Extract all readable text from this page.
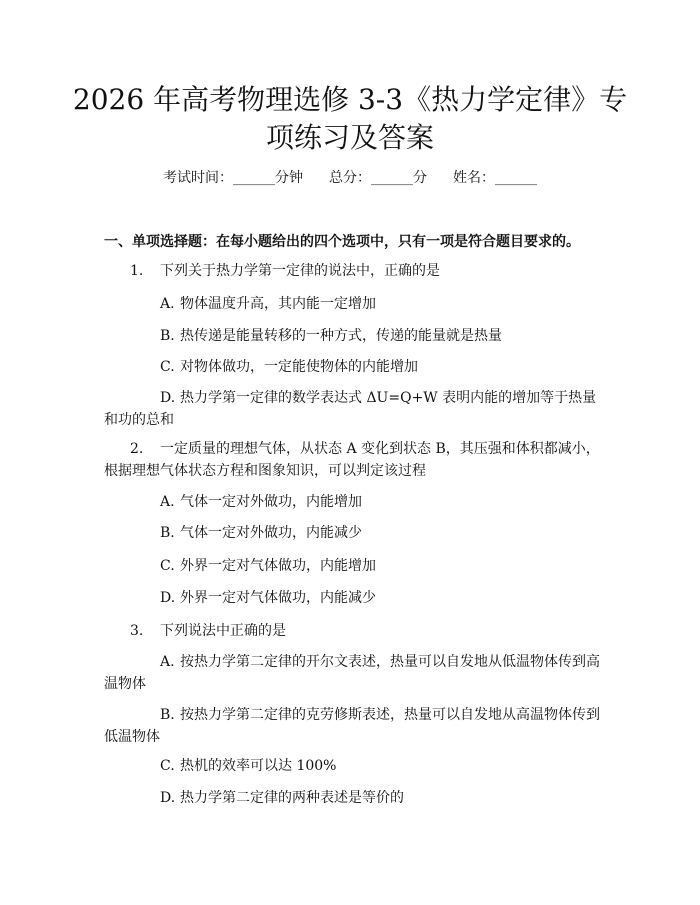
2026 年高考物理选修 3-3《热力学定律》专
项练习及答案
考试时间：______分钟 总分：______分 姓名：______
一、单项选择题：在每小题给出的四个选项中，只有一项是符合题目要求的。
1. 下列关于热力学第一定律的说法中，正确的是
A. 物体温度升高，其内能一定增加
B. 热传递是能量转移的一种方式，传递的能量就是热量
C. 对物体做功，一定能使物体的内能增加
D. 热力学第一定律的数学表达式 ΔU=Q+W 表明内能的增加等于热量和功的总和
2. 一定质量的理想气体，从状态 A 变化到状态 B，其压强和体积都减小，根据理想气体状态方程和图象知识，可以判定该过程
A. 气体一定对外做功，内能增加
B. 气体一定对外做功，内能减少
C. 外界一定对气体做功，内能增加
D. 外界一定对气体做功，内能减少
3. 下列说法中正确的是
A. 按热力学第二定律的开尔文表述，热量可以自发地从低温物体传到高温物体
B. 按热力学第二定律的克劳修斯表述，热量可以自发地从高温物体传到低温物体
C. 热机的效率可以达 100%
D. 热力学第二定律的两种表述是等价的
